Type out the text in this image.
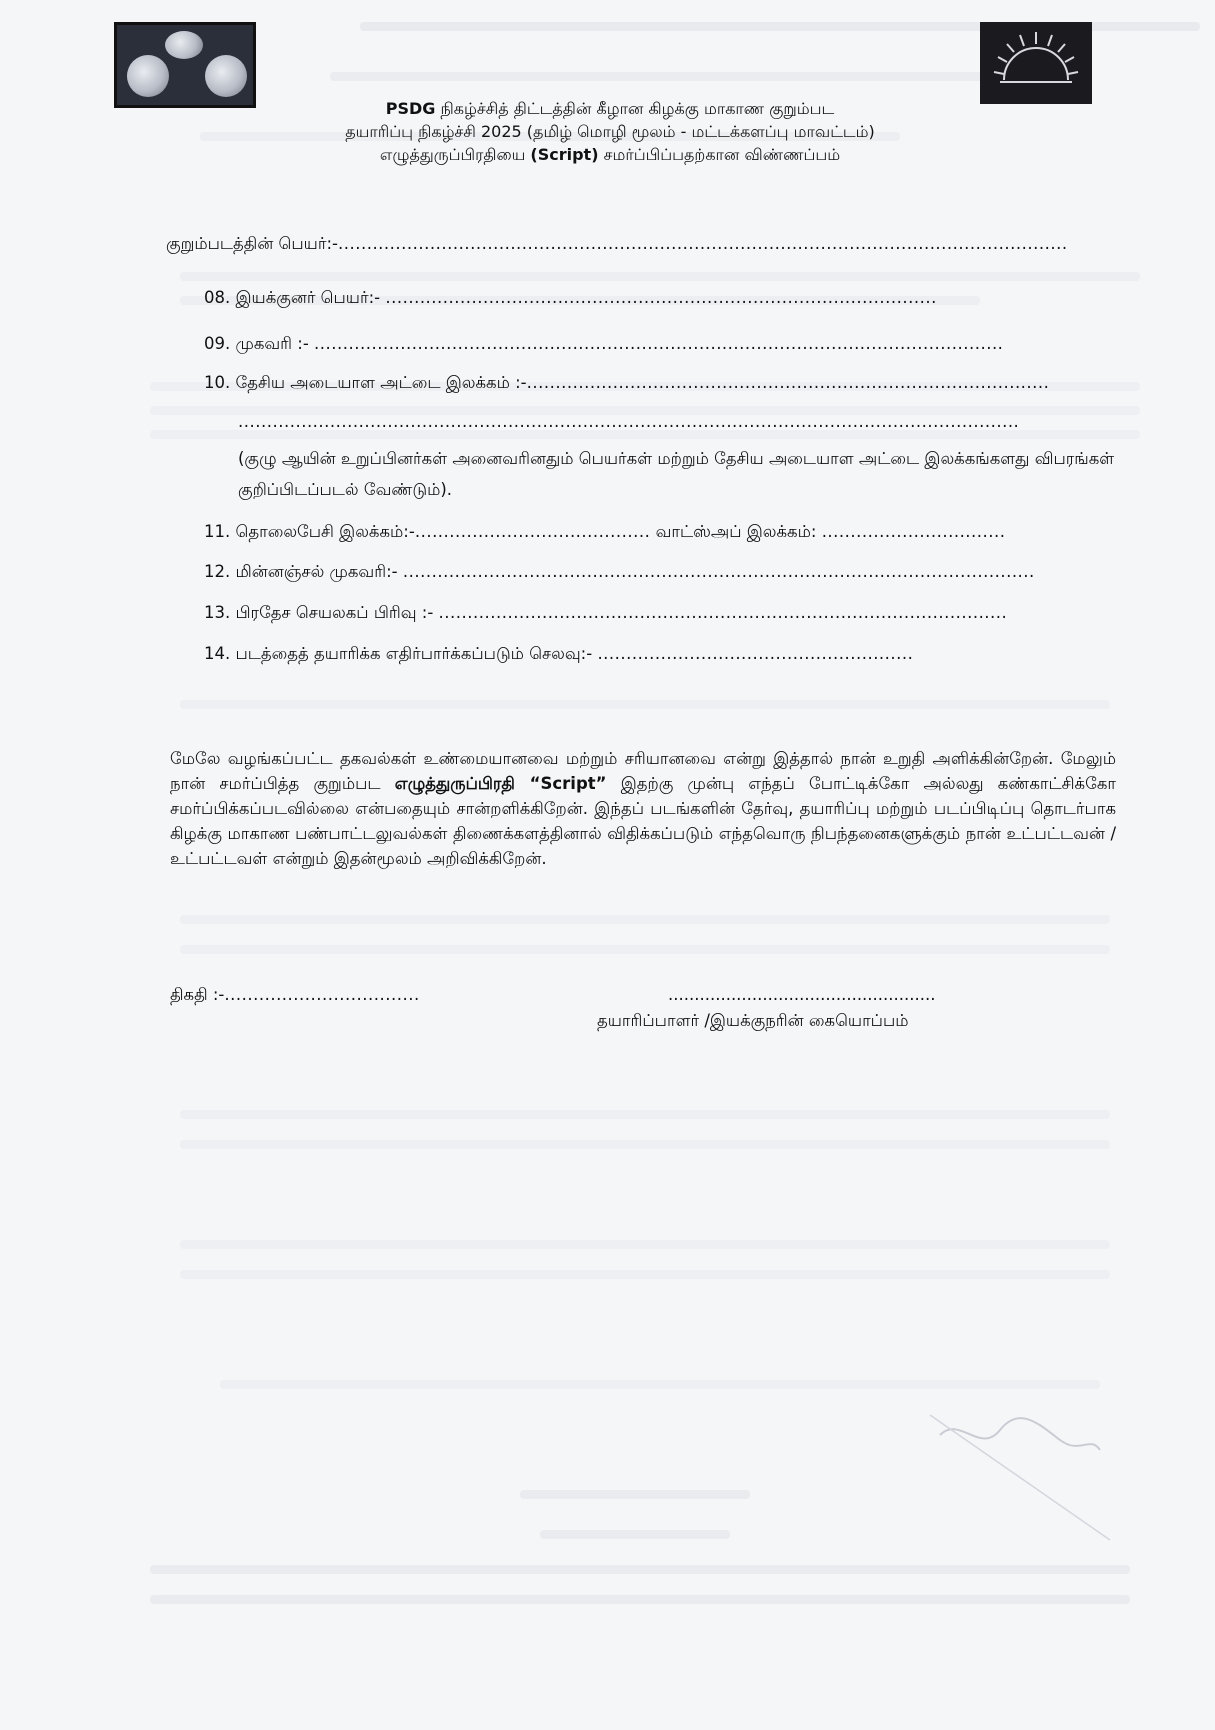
PSDG நிகழ்ச்சித் திட்டத்தின் கீழான கிழக்கு மாகாண குறும்பட
தயாரிப்பு நிகழ்ச்சி 2025 (தமிழ் மொழி மூலம் - மட்டக்களப்பு மாவட்டம்)
எழுத்துருப்பிரதியை (Script) சமர்ப்பிப்பதற்கான விண்ணப்பம்
குறும்படத்தின் பெயர்:-...............................................................................................................................
08. இயக்குனர் பெயர்:- ................................................................................................
09. முகவரி :- ........................................................................................................................
10. தேசிய அடையாள அட்டை இலக்கம் :-...........................................................................................
........................................................................................................................................
(குழு ஆயின் உறுப்பினர்கள் அனைவரினதும் பெயர்கள் மற்றும் தேசிய அடையாள அட்டை இலக்கங்களது விபரங்கள் குறிப்பிடப்படல் வேண்டும்).
11. தொலைபேசி இலக்கம்:-......................................... வாட்ஸ்அப் இலக்கம்: ................................
12. மின்னஞ்சல் முகவரி:- ..............................................................................................................
13. பிரதேச செயலகப் பிரிவு :- ...................................................................................................
14. படத்தைத் தயாரிக்க எதிர்பார்க்கப்படும் செலவு:- .......................................................
மேலே வழங்கப்பட்ட தகவல்கள் உண்மையானவை மற்றும் சரியானவை என்று இத்தால் நான் உறுதி அளிக்கின்றேன். மேலும் நான் சமர்ப்பித்த குறும்பட எழுத்துருப்பிரதி “Script” இதற்கு முன்பு எந்தப் போட்டிக்கோ அல்லது கண்காட்சிக்கோ சமர்ப்பிக்கப்படவில்லை என்பதையும் சான்றளிக்கிறேன். இந்தப் படங்களின் தேர்வு, தயாரிப்பு மற்றும் படப்பிடிப்பு தொடர்பாக கிழக்கு மாகாண பண்பாட்டலுவல்கள் திணைக்களத்தினால் விதிக்கப்படும் எந்தவொரு நிபந்தனைகளுக்கும் நான் உட்பட்டவன் / உட்பட்டவள் என்றும் இதன்மூலம் அறிவிக்கிறேன்.
திகதி :-..................................	...................................................
தயாரிப்பாளர் /இயக்குநரின் கையொப்பம்
